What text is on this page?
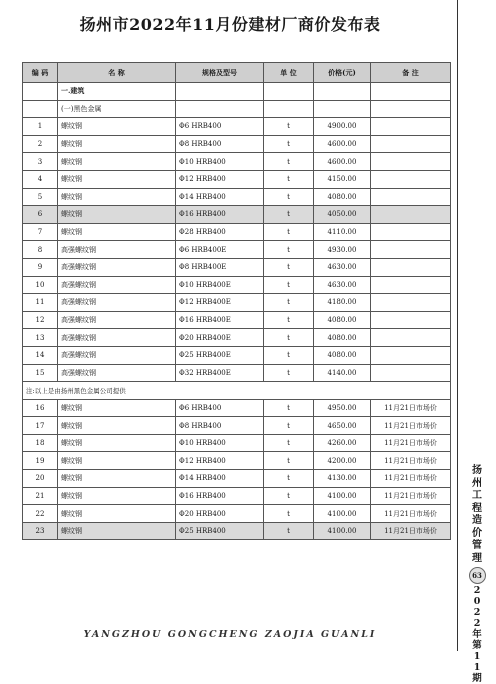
扬州市2022年11月份建材厂商价发布表
编 码	名 称	规格及型号	单 位	价格(元)	备 注
	一.建筑				
	(一)黑色金属				
1	螺纹钢	Φ6 HRB400	t	4900.00	
2	螺纹钢	Φ8 HRB400	t	4600.00	
3	螺纹钢	Φ10 HRB400	t	4600.00	
4	螺纹钢	Φ12 HRB400	t	4150.00	
5	螺纹钢	Φ14 HRB400	t	4080.00	
6	螺纹钢	Φ16 HRB400	t	4050.00	
7	螺纹钢	Φ28 HRB400	t	4110.00	
8	高强螺纹钢	Φ6 HRB400E	t	4930.00	
9	高强螺纹钢	Φ8 HRB400E	t	4630.00	
10	高强螺纹钢	Φ10 HRB400E	t	4630.00	
11	高强螺纹钢	Φ12 HRB400E	t	4180.00	
12	高强螺纹钢	Φ16 HRB400E	t	4080.00	
13	高强螺纹钢	Φ20 HRB400E	t	4080.00	
14	高强螺纹钢	Φ25 HRB400E	t	4080.00	
15	高强螺纹钢	Φ32 HRB400E	t	4140.00	
注:以上是由扬州黑色金属公司提供					
16	螺纹钢	Φ6 HRB400	t	4950.00	11月21日市场价
17	螺纹钢	Φ8 HRB400	t	4650.00	11月21日市场价
18	螺纹钢	Φ10 HRB400	t	4260.00	11月21日市场价
19	螺纹钢	Φ12 HRB400	t	4200.00	11月21日市场价
20	螺纹钢	Φ14 HRB400	t	4130.00	11月21日市场价
21	螺纹钢	Φ16 HRB400	t	4100.00	11月21日市场价
22	螺纹钢	Φ20 HRB400	t	4100.00	11月21日市场价
23	螺纹钢	Φ25 HRB400	t	4100.00	11月21日市场价
扬州工程造价管理
63
2022年第11期
YANGZHOU GONGCHENG ZAOJIA GUANLI
